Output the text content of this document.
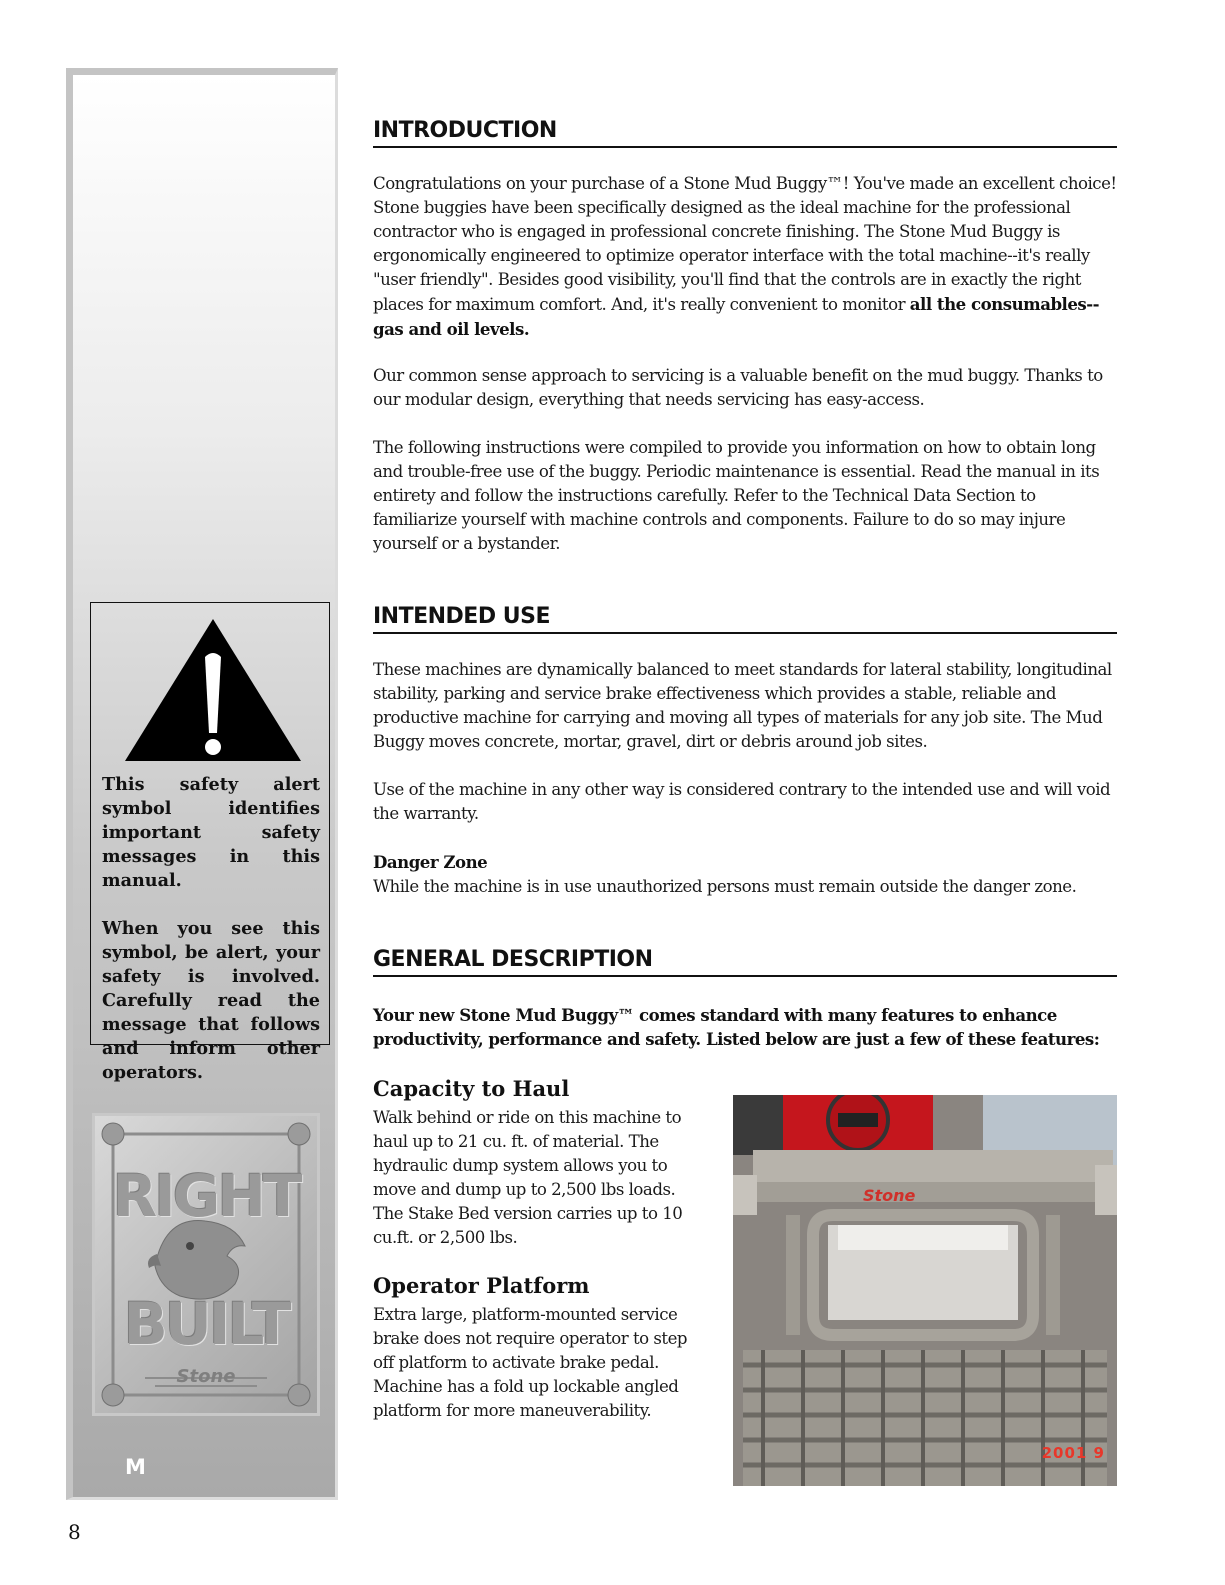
This safety alert symbol identifies important safety messages in this manual.

When you see this symbol, be alert, your safety is involved. Carefully read the message that follows and inform other operators.

RIGHT
BUILT
Stone
M
8
INTRODUCTION

Congratulations on your purchase of a Stone Mud Buggy™! You've made an excellent choice! Stone buggies have been specifically designed as the ideal machine for the professional contractor who is engaged in professional concrete finishing. The Stone Mud Buggy is ergonomically engineered to optimize operator interface with the total machine--it's really "user friendly". Besides good visibility, you'll find that the controls are in exactly the right places for maximum comfort. And, it's really convenient to monitor all the consumables--gas and oil levels.

Our common sense approach to servicing is a valuable benefit on the mud buggy. Thanks to our modular design, everything that needs servicing has easy-access.

The following instructions were compiled to provide you information on how to obtain long and trouble-free use of the buggy. Periodic maintenance is essential. Read the manual in its entirety and follow the instructions carefully. Refer to the Technical Data Section to familiarize yourself with machine controls and components. Failure to do so may injure yourself or a bystander.

INTENDED USE

These machines are dynamically balanced to meet standards for lateral stability, longitudinal stability, parking and service brake effectiveness which provides a stable, reliable and productive machine for carrying and moving all types of materials for any job site. The Mud Buggy moves concrete, mortar, gravel, dirt or debris around job sites.

Use of the machine in any other way is considered contrary to the intended use and will void the warranty.

Danger Zone
While the machine is in use unauthorized persons must remain outside the danger zone.

GENERAL DESCRIPTION

Your new Stone Mud Buggy™ comes standard with many features to enhance productivity, performance and safety. Listed below are just a few of these features:

Capacity to Haul

Walk behind or ride on this machine to haul up to 21 cu. ft. of material. The hydraulic dump system allows you to move and dump up to 2,500 lbs loads. The Stake Bed version carries up to 10 cu.ft. or 2,500 lbs.

Operator Platform

Extra large, platform-mounted service brake does not require operator to step off platform to activate brake pedal. Machine has a fold up lockable angled platform for more maneuverability.

Stone
2001 9
